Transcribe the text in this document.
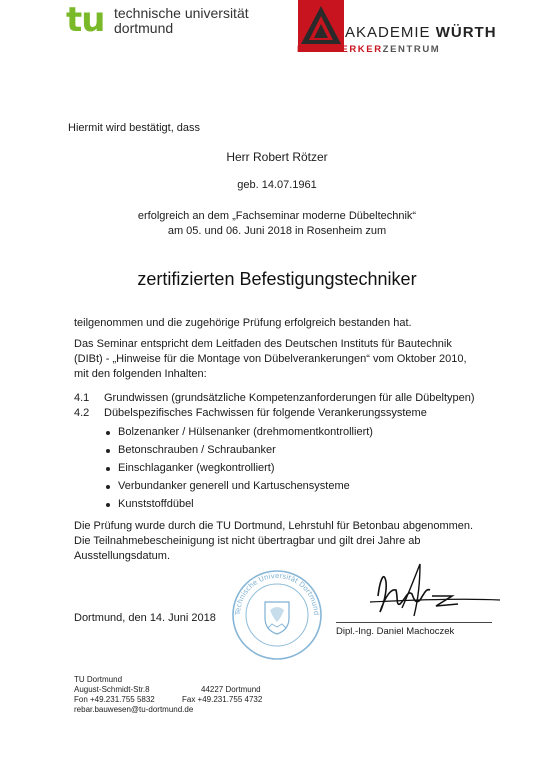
tu technische universität
dortmund	AKADEMIE WÜRTH
HANDWERKERZENTRUM
Hiermit wird bestätigt, dass
Herr Robert Rötzer
geb. 14.07.1961
erfolgreich an dem „Fachseminar moderne Dübeltechnik“
am 05. und 06. Juni 2018 in Rosenheim zum
zertifizierten Befestigungstechniker
teilgenommen und die zugehörige Prüfung erfolgreich bestanden hat.
Das Seminar entspricht dem Leitfaden des Deutschen Instituts für Bautechnik
(DIBt) - „Hinweise für die Montage von Dübelverankerungen“ vom Oktober 2010,
mit den folgenden Inhalten:
4.1 Grundwissen (grundsätzliche Kompetenzanforderungen für alle Dübeltypen)
4.2 Dübelspezifisches Fachwissen für folgende Verankerungssysteme
Bolzenanker / Hülsenanker (drehmomentkontrolliert)
Betonschrauben / Schraubanker
Einschlaganker (wegkontrolliert)
Verbundanker generell und Kartuschensysteme
Kunststoffdübel
Die Prüfung wurde durch die TU Dortmund, Lehrstuhl für Betonbau abgenommen.
Die Teilnahmebescheinigung ist nicht übertragbar und gilt drei Jahre ab
Ausstellungsdatum.
Technische Universität Dortmund
Dortmund, den 14. Juni 2018
Dipl.-Ing. Daniel Machoczek
TU Dortmund
August-Schmidt-Str.8	44227 Dortmund
Fon +49.231.755 5832	Fax +49.231.755 4732
rebar.bauwesen@tu-dortmund.de
